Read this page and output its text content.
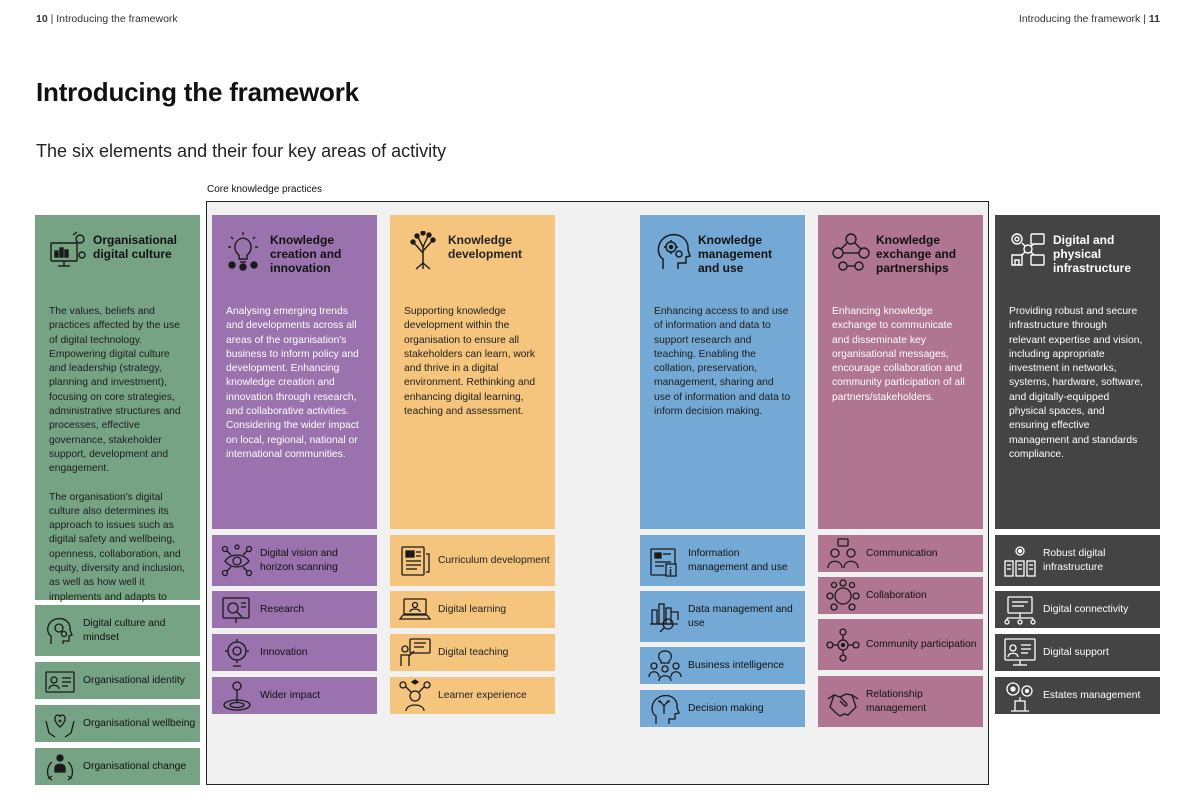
10 | Introducing the framework	Introducing the framework | 11
Introducing the framework
The six elements and their four key areas of activity
Core knowledge practices
Organisational digital culture

The values, beliefs and practices affected by the use of digital technology. Empowering digital culture and leadership (strategy, planning and investment), focusing on core strategies, administrative structures and processes, effective governance, stakeholder support, development and engagement.

The organisation's digital culture also determines its approach to issues such as digital safety and wellbeing, openness, collaboration, and equity, diversity and inclusion, as well as how well it implements and adapts to

Digital culture and mindset
Organisational identity
Organisational wellbeing
Organisational change
Knowledge creation and innovation
Analysing emerging trends and developments across all areas of the organisation's business to inform policy and development. Enhancing knowledge creation and innovation through research, and collaborative activities. Considering the wider impact on local, regional, national or international communities.
Digital vision and horizon scanning
Research
Innovation
Wider impact
Knowledge development
Supporting knowledge development within the organisation to ensure all stakeholders can learn, work and thrive in a digital environment. Rethinking and enhancing digital learning, teaching and assessment.
Curriculum development
Digital learning
Digital teaching
Learner experience
Knowledge management and use
Enhancing access to and use of information and data to support research and teaching. Enabling the collation, preservation, management, sharing and use of information and data to inform decision making.
i
Information management and use
Data management and use
Business intelligence
Decision making
Knowledge exchange and partnerships
Enhancing knowledge exchange to communicate and disseminate key organisational messages, encourage collaboration and community participation of all partners/stakeholders.
Communication
Collaboration
Community participation
Relationship management
Digital and physical infrastructure
Providing robust and secure infrastructure through relevant expertise and vision, including appropriate investment in networks, systems, hardware, software, and digitally-equipped physical spaces, and ensuring effective management and standards compliance.
Robust digital infrastructure
Digital connectivity
Digital support
Estates management
